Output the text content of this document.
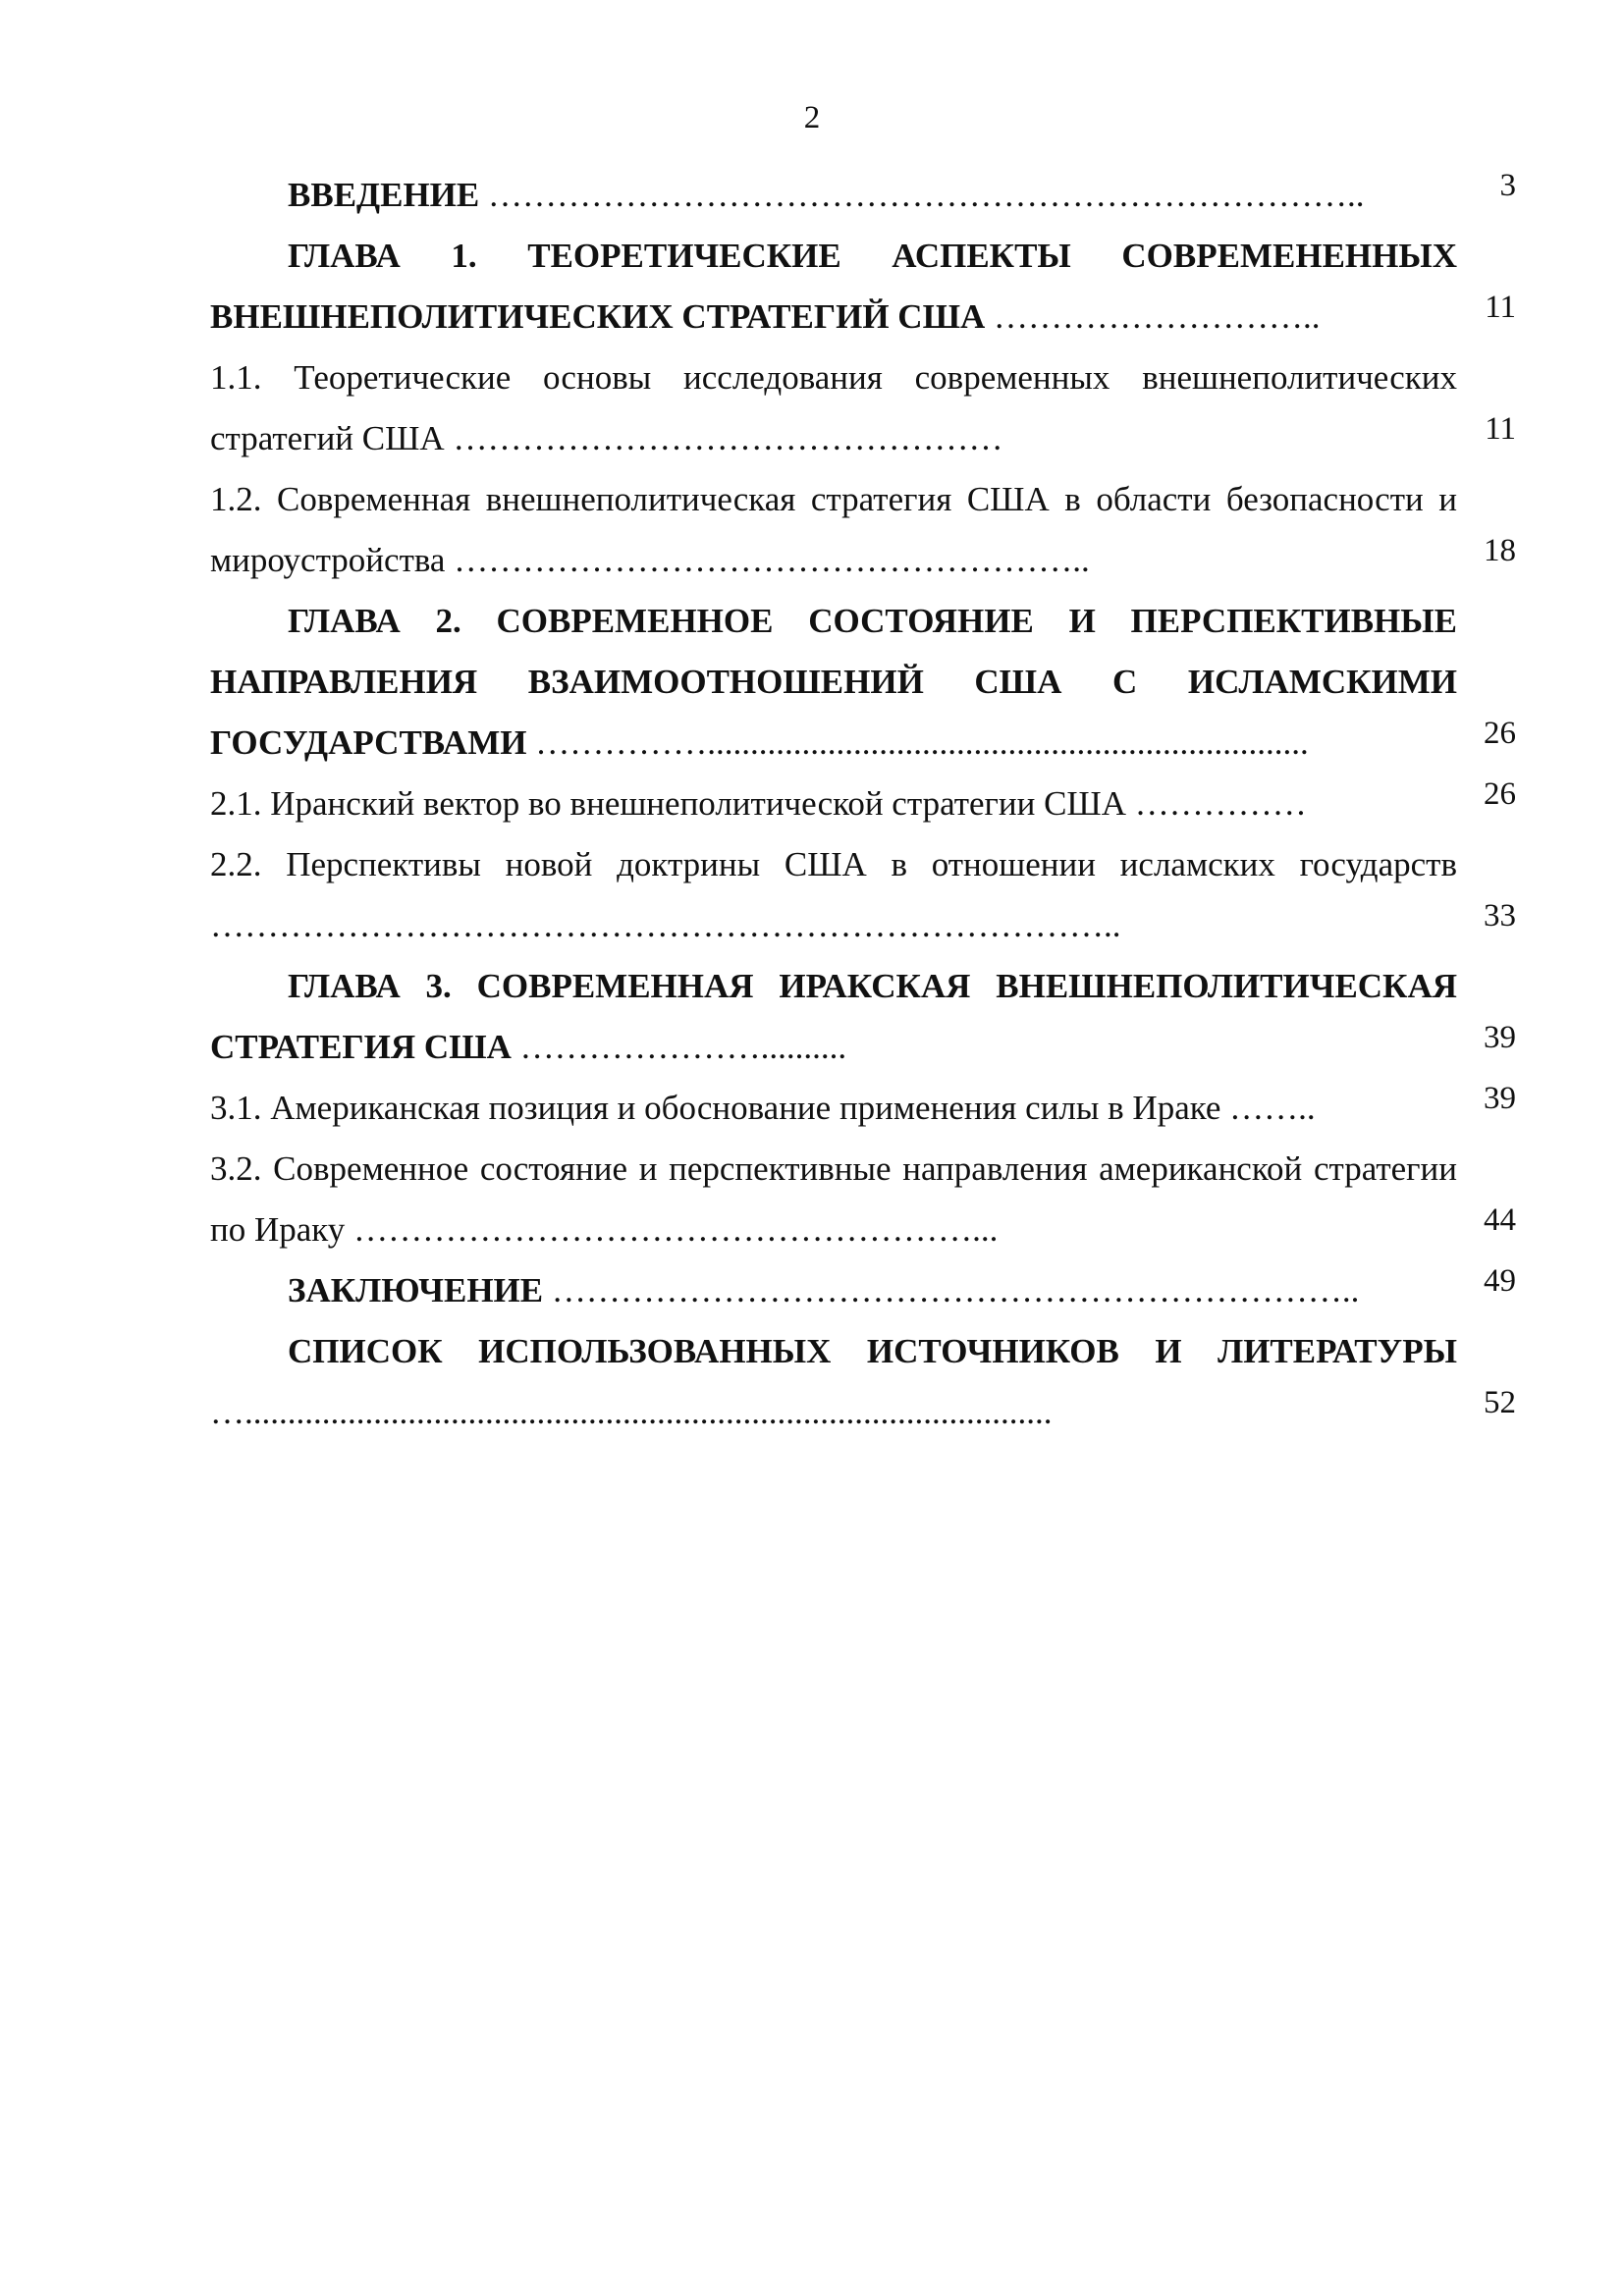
2
ВВЕДЕНИЕ …………………………………………………………………..	3
ГЛАВА 1. ТЕОРЕТИЧЕСКИЕ АСПЕКТЫ СОВРЕМЕНЕННЫХ ВНЕШНЕПОЛИТИЧЕСКИХ СТРАТЕГИЙ США ………………………..	11
1.1. Теоретические основы исследования современных внешнеполитических стратегий США …………………………………………	11
1.2. Современная внешнеполитическая стратегия США в области безопасности и мироустройства ………………………………………………..	18
ГЛАВА 2. СОВРЕМЕННОЕ СОСТОЯНИЕ И ПЕРСПЕКТИВНЫЕ НАПРАВЛЕНИЯ ВЗАИМООТНОШЕНИЙ США С ИСЛАМСКИМИ ГОСУДАРСТВАМИ ……………......................................................................	26
2.1. Иранский вектор во внешнеполитической стратегии США ……………	26
2.2. Перспективы новой доктрины США в отношении исламских государств ……………………………………………………………………..	33
ГЛАВА 3. СОВРЕМЕННАЯ ИРАКСКАЯ ВНЕШНЕПОЛИТИЧЕСКАЯ СТРАТЕГИЯ США …………………..........	39
3.1. Американская позиция и обоснование применения силы в Ираке ……..	39
3.2. Современное состояние и перспективные направления американской стратегии по Ираку ………………………………………………...	44
ЗАКЛЮЧЕНИЕ ……………………………………………………………..	49
СПИСОК ИСПОЛЬЗОВАННЫХ ИСТОЧНИКОВ И ЛИТЕРАТУРЫ …..............................................................................................	52
